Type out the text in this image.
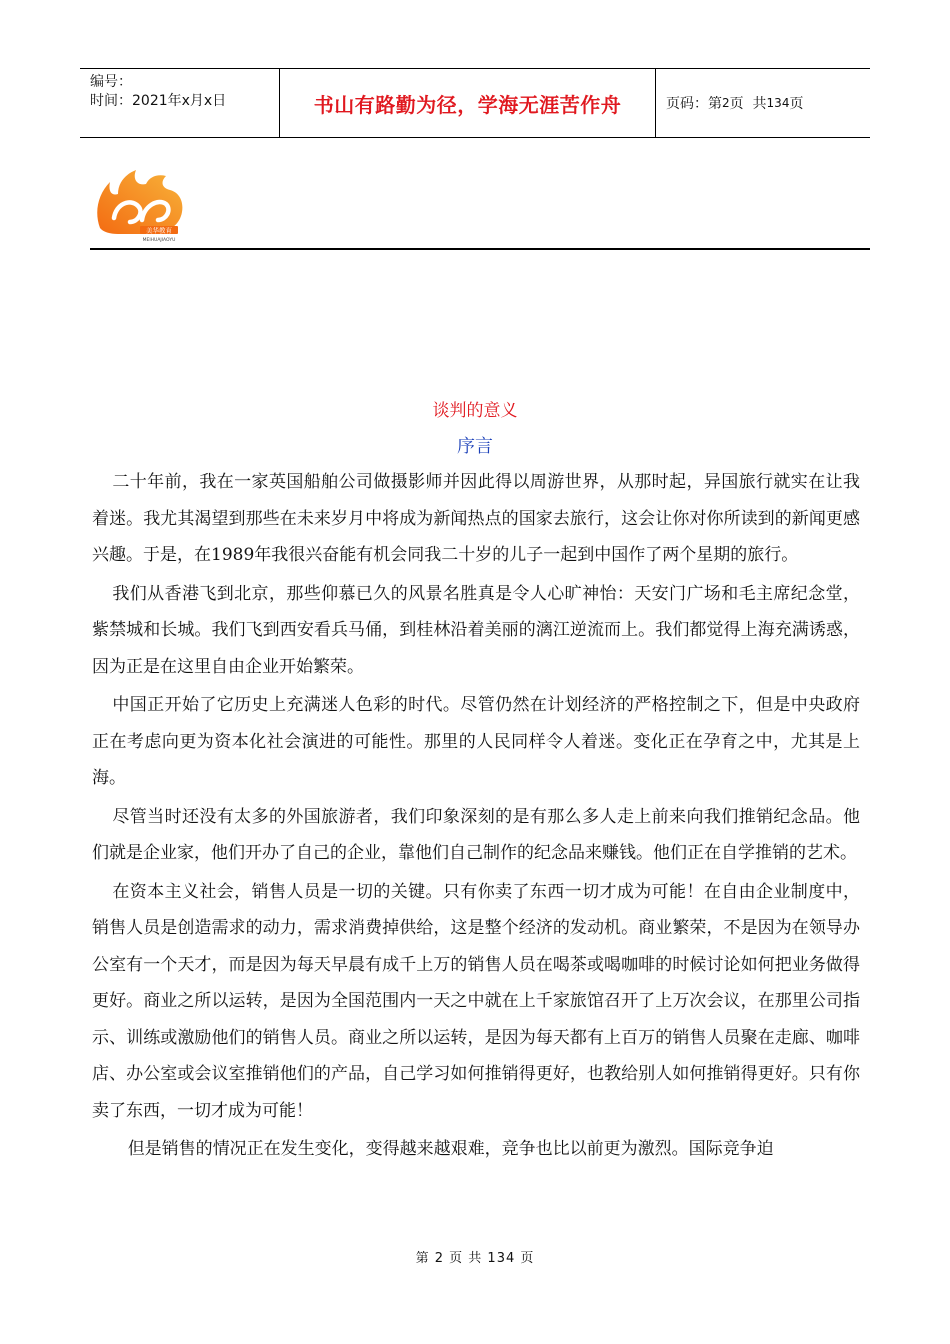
编号：
时间：2021年x月x日	书山有路勤为径，学海无涯苦作舟	页码：第 2 页  共 134 页
美华教育
MEIHUAJIAOYU
谈判的意义
序言

二十年前，我在一家英国船舶公司做摄影师并因此得以周游世界，从那时起，异国旅行就实在让我着迷。我尤其渴望到那些在未来岁月中将成为新闻热点的国家去旅行，这会让你对你所读到的新闻更感兴趣。于是，在1989年我很兴奋能有机会同我二十岁的儿子一起到中国作了两个星期的旅行。

我们从香港飞到北京，那些仰慕已久的风景名胜真是令人心旷神怡：天安门广场和毛主席纪念堂，紫禁城和长城。我们飞到西安看兵马俑，到桂林沿着美丽的漓江逆流而上。我们都觉得上海充满诱惑，因为正是在这里自由企业开始繁荣。

中国正开始了它历史上充满迷人色彩的时代。尽管仍然在计划经济的严格控制之下，但是中央政府正在考虑向更为资本化社会演进的可能性。那里的人民同样令人着迷。变化正在孕育之中，尤其是上海。

尽管当时还没有太多的外国旅游者，我们印象深刻的是有那么多人走上前来向我们推销纪念品。他们就是企业家，他们开办了自己的企业，靠他们自己制作的纪念品来赚钱。他们正在自学推销的艺术。

在资本主义社会，销售人员是一切的关键。只有你卖了东西一切才成为可能！在自由企业制度中，销售人员是创造需求的动力，需求消费掉供给，这是整个经济的发动机。商业繁荣，不是因为在领导办公室有一个天才，而是因为每天早晨有成千上万的销售人员在喝茶或喝咖啡的时候讨论如何把业务做得更好。商业之所以运转，是因为全国范围内一天之中就在上千家旅馆召开了上万次会议，在那里公司指示、训练或激励他们的销售人员。商业之所以运转，是因为每天都有上百万的销售人员聚在走廊、咖啡店、办公室或会议室推销他们的产品，自己学习如何推销得更好，也教给别人如何推销得更好。只有你卖了东西，一切才成为可能！

但是销售的情况正在发生变化，变得越来越艰难，竞争也比以前更为激烈。国际竞争迫

第 2 页 共 134 页
